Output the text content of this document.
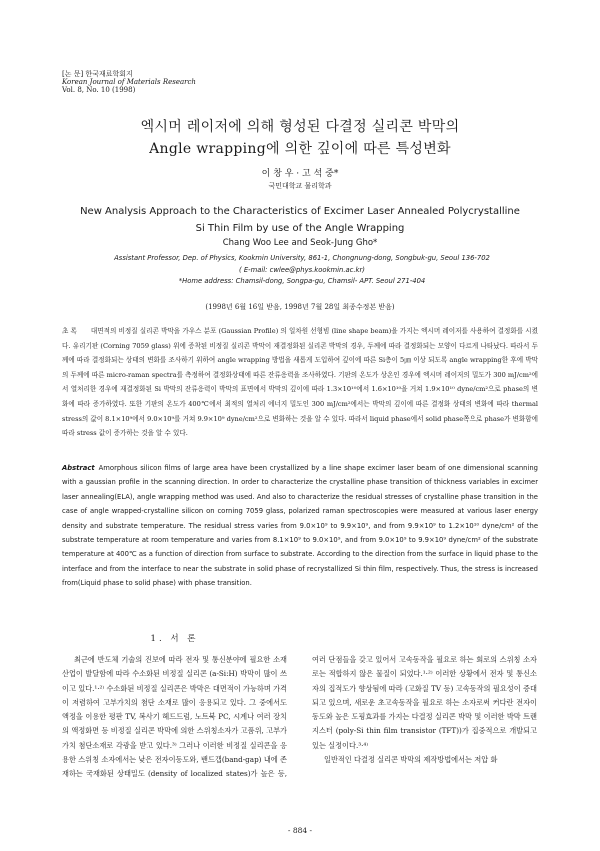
[논 문] 한국재료학회지
Korean Journal of Materials Research
Vol. 8, No. 10 (1998)
엑시머 레이저에 의해 형성된 다결정 실리콘 박막의
Angle wrapping에 의한 깊이에 따른 특성변화
이 창 우 · 고 석 중*
국민대학교 물리학과
New Analysis Approach to the Characteristics of Excimer Laser Annealed Polycrystalline
Si Thin Film by use of the Angle Wrapping
Chang Woo Lee and Seok-Jung Gho*
Assistant Professor, Dep. of Physics, Kookmin University, 861-1, Chongnung-dong, Songbuk-gu, Seoul 136-702
( E-mail: cwlee@phys.kookmin.ac.kr)
*Home address: Chamsil-dong, Songpa-gu, Chamsil- APT. Seoul 271-404
(1998년 6월 16일 받음, 1998년 7월 28일 최종수정본 받음)
초 록 대면적의 비정질 실리콘 박막을 가우스 분포 (Gaussian Profile) 의 일차원 선형빔 (line shape beam)을 가지는 엑시머 레이저를 사용하여 결정화를 시켰다. 유리기판 (Corning 7059 glass) 위에 증착된 비정질 실리콘 박막이 재결정화된 실리콘 박막의 경우, 두께에 따라 결정화되는 모양이 다르게 나타났다. 따라서 두께에 따라 결정화되는 상태의 변화를 조사하기 위하여 angle wrapping 방법을 새롭게 도입하여 깊이에 따른 Si층이 5㎛ 이상 되도록 angle wrapping한 후에 박막의 두께에 따른 micro-raman spectra를 측정하여 결정화상태에 따른 잔류응력을 조사하였다. 기판의 온도가 상온인 경우에 엑시머 레이저의 밀도가 300 mJ/cm²에서 열처리한 경우에 재결정화된 Si 박막의 잔류응력이 박막의 표면에서 박막의 깊이에 따라 1.3×10¹⁰에서 1.6×10¹⁰을 거쳐 1.9×10¹⁰ dyne/cm²으로 phase의 변화에 따라 증가하였다. 또한 기판의 온도가 400℃에서 최적의 열처리 에너지 밀도인 300 mJ/cm²에서는 박막의 깊이에 따른 결정화 상태의 변화에 따라 thermal stress의 값이 8.1×10⁹에서 9.0×10⁹를 거쳐 9.9×10⁹ dyne/cm²으로 변화하는 것을 알 수 있다. 따라서 liquid phase에서 solid phase쪽으로 phase가 변화함에 따라 stress 값이 증가하는 것을 알 수 있다.
Abstract Amorphous silicon films of large area have been crystallized by a line shape excimer laser beam of one dimensional scanning with a gaussian profile in the scanning direction. In order to characterize the crystalline phase transition of thickness variables in excimer laser annealing(ELA), angle wrapping method was used. And also to characterize the residual stresses of crystalline phase transition in the case of angle wrapped-crystalline silicon on corning 7059 glass, polarized raman spectroscopies were measured at various laser energy density and substrate temperature. The residual stress varies from 9.0×10⁹ to 9.9×10⁹, and from 9.9×10⁹ to 1.2×10¹⁰ dyne/cm² of the substrate temperature at room temperature and varies from 8.1×10⁹ to 9.0×10⁹, and from 9.0×10⁹ to 9.9×10⁹ dyne/cm² of the substrate temperature at 400℃ as a function of direction from surface to substrate. According to the direction from the surface in liquid phase to the interface and from the interface to near the substrate in solid phase of recrystallized Si thin film, respectively. Thus, the stress is increased from(Liquid phase to solid phase) with phase transition.
1. 서 론

최근에 반도체 기술의 진보에 따라 전자 및 통신분야에 필요한 소재산업이 발달함에 따라 수소화된 비정질 실리콘 (a-Si:H) 박막이 많이 쓰이고 있다.¹·²⁾ 수소화된 비정질 실리콘은 박막은 대면적이 가능하며 가격이 저렴하여 고부가치의 첨단 소재로 많이 응용되고 있다. 그 중에서도 액정을 이용한 평판 TV, 복사기 헤드드럼, 노트북 PC, 시계나 여러 장치의 액정화면 등 비정질 실리콘 박막에 의한 스위칭소자가 고품위, 고부가가치 첨단소재로 각광을 받고 있다.³⁾ 그러나 이러한 비정질 실리콘을 응용한 스위칭 소자에서는 낮은 전자이동도와, 밴드갭(band-gap) 내에 존재하는 국재화된 상태밀도 (density of localized states)가 높은 등, 여러 단점들을 갖고 있어서 고속동작을 필요로 하는 회로의 스위칭 소자로는 적합하지 않은 물질이 되었다.¹·²⁾ 이러한 상황에서 전자 및 통신소자의 집적도가 향상됨에 따라 (고화질 TV 등) 고속동작의 필요성이 증대되고 있으며, 새로운 초고속동작을 필요로 하는 소자로써 커다란 전자이동도와 높은 도핑효과를 가지는 다결정 실리콘 박막 및 이러한 박막 트랜지스터 (poly-Si thin film transistor (TFT))가 집중적으로 개발되고 있는 실정이다.³·⁴⁾

일반적인 다결정 실리콘 박막의 제작방법에서는 저압 화

- 884 -
